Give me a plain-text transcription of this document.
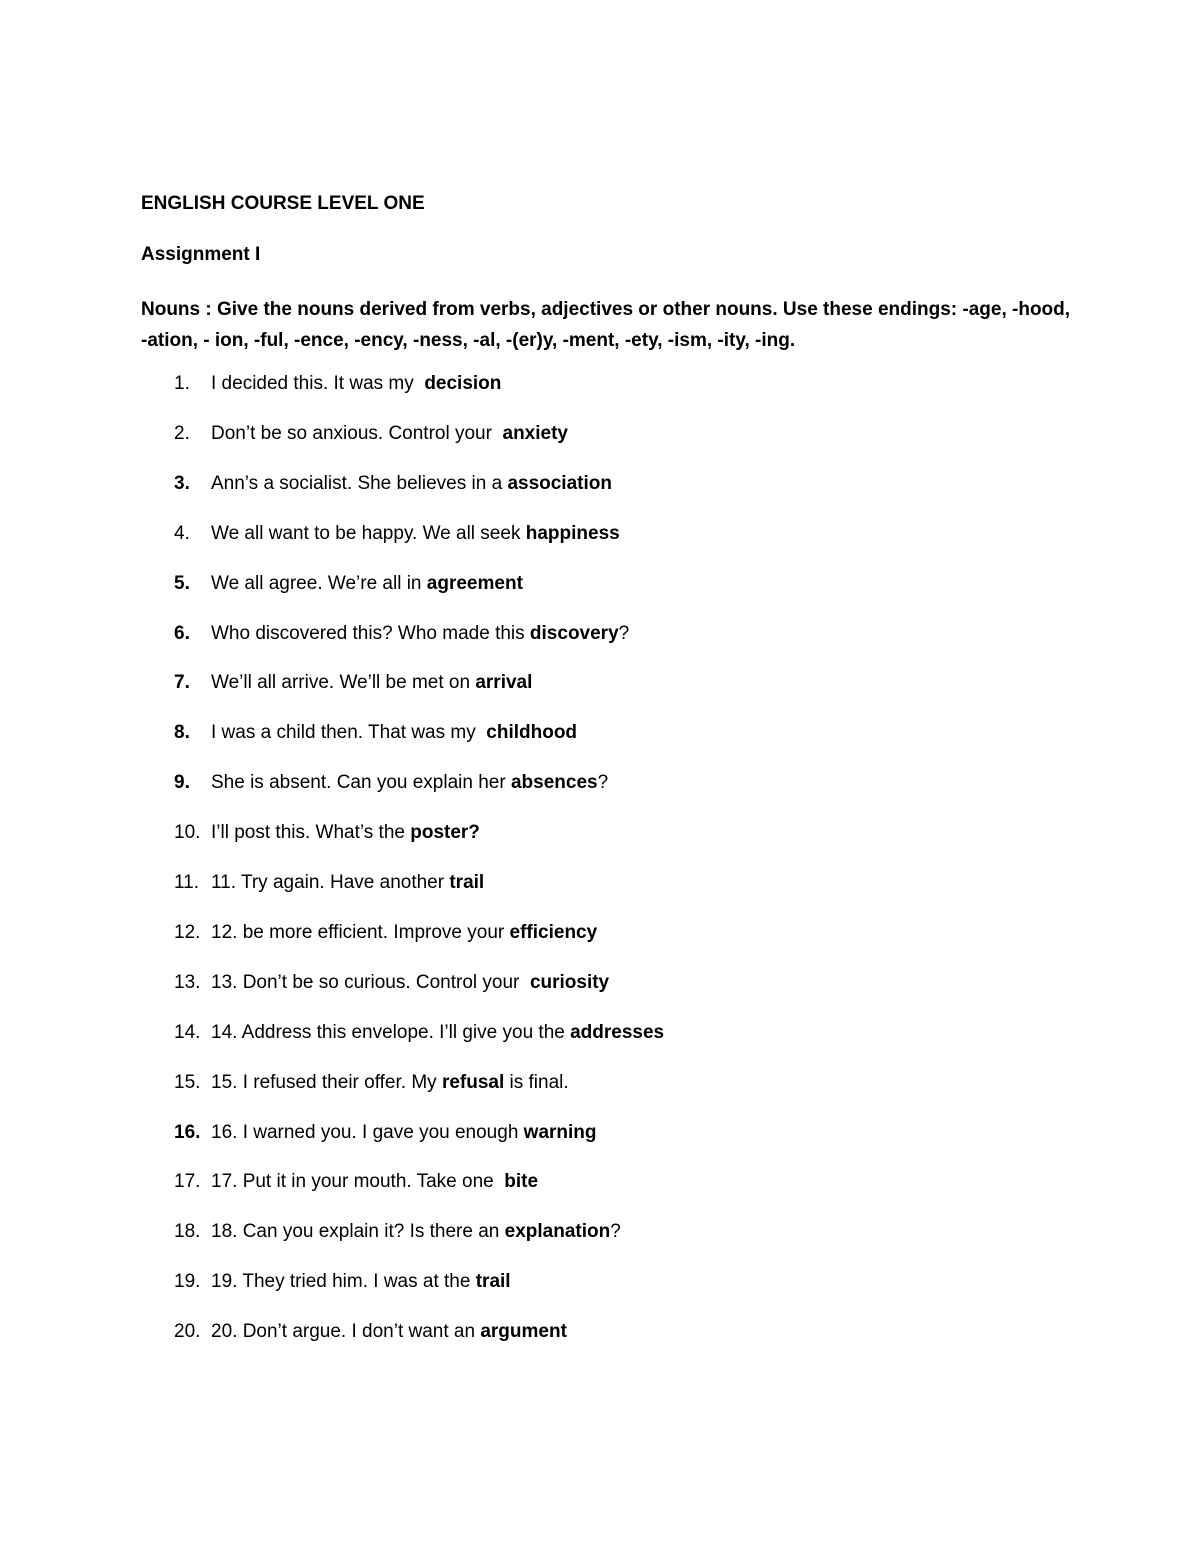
ENGLISH COURSE LEVEL ONE
Assignment I
Nouns : Give the nouns derived from verbs, adjectives or other nouns. Use these endings: -age, -hood,
-ation, - ion, -ful, -ence, -ency, -ness, -al, -(er)y, -ment, -ety, -ism, -ity, -ing.
1. I decided this. It was my  decision
2. Don’t be so anxious. Control your  anxiety
3. Ann’s a socialist. She believes in a association
4. We all want to be happy. We all seek happiness
5. We all agree. We’re all in agreement
6. Who discovered this? Who made this discovery?
7. We’ll all arrive. We’ll be met on arrival
8. I was a child then. That was my  childhood
9. She is absent. Can you explain her absences?
10. I’ll post this. What’s the poster?
11. 11. Try again. Have another trail
12. 12. be more efficient. Improve your efficiency
13. 13. Don’t be so curious. Control your  curiosity
14. 14. Address this envelope. I’ll give you the addresses
15. 15. I refused their offer. My refusal is final.
16. 16. I warned you. I gave you enough warning
17. 17. Put it in your mouth. Take one  bite
18. 18. Can you explain it? Is there an explanation?
19. 19. They tried him. I was at the trail
20. 20. Don’t argue. I don’t want an argument
